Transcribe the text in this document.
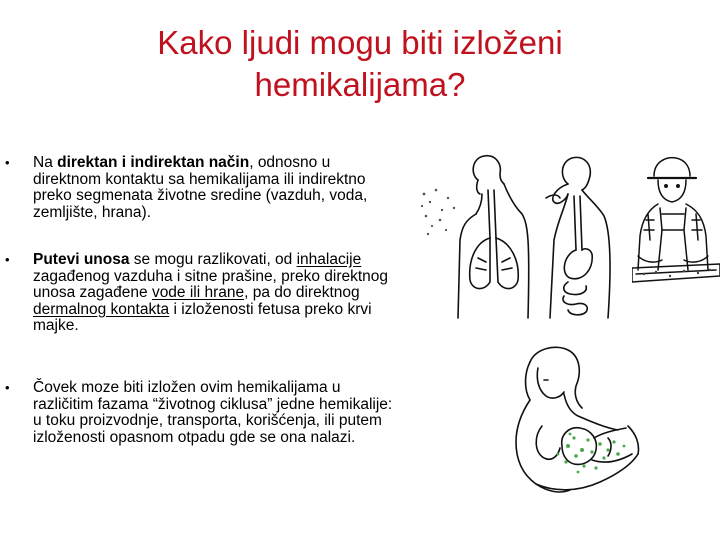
Kako ljudi mogu biti izloženi hemikalijama?
• Na direktan i indirektan način, odnosno u direktnom kontaktu sa hemikalijama ili indirektno preko segmenata životne sredine (vazduh, voda, zemljište, hrana).
• Putevi unosa se mogu razlikovati, od inhalacije zagađenog vazduha i sitne prašine, preko direktnog unosa zagađene vode ili hrane, pa do direktnog dermalnog kontakta i izloženosti fetusa preko krvi majke.
• Čovek moze biti izložen ovim hemikalijama u različitim fazama “životnog ciklusa” jedne hemikalije: u toku proizvodnje, transporta, korišćenja, ili putem izloženosti opasnom otpadu gde se ona nalazi.
